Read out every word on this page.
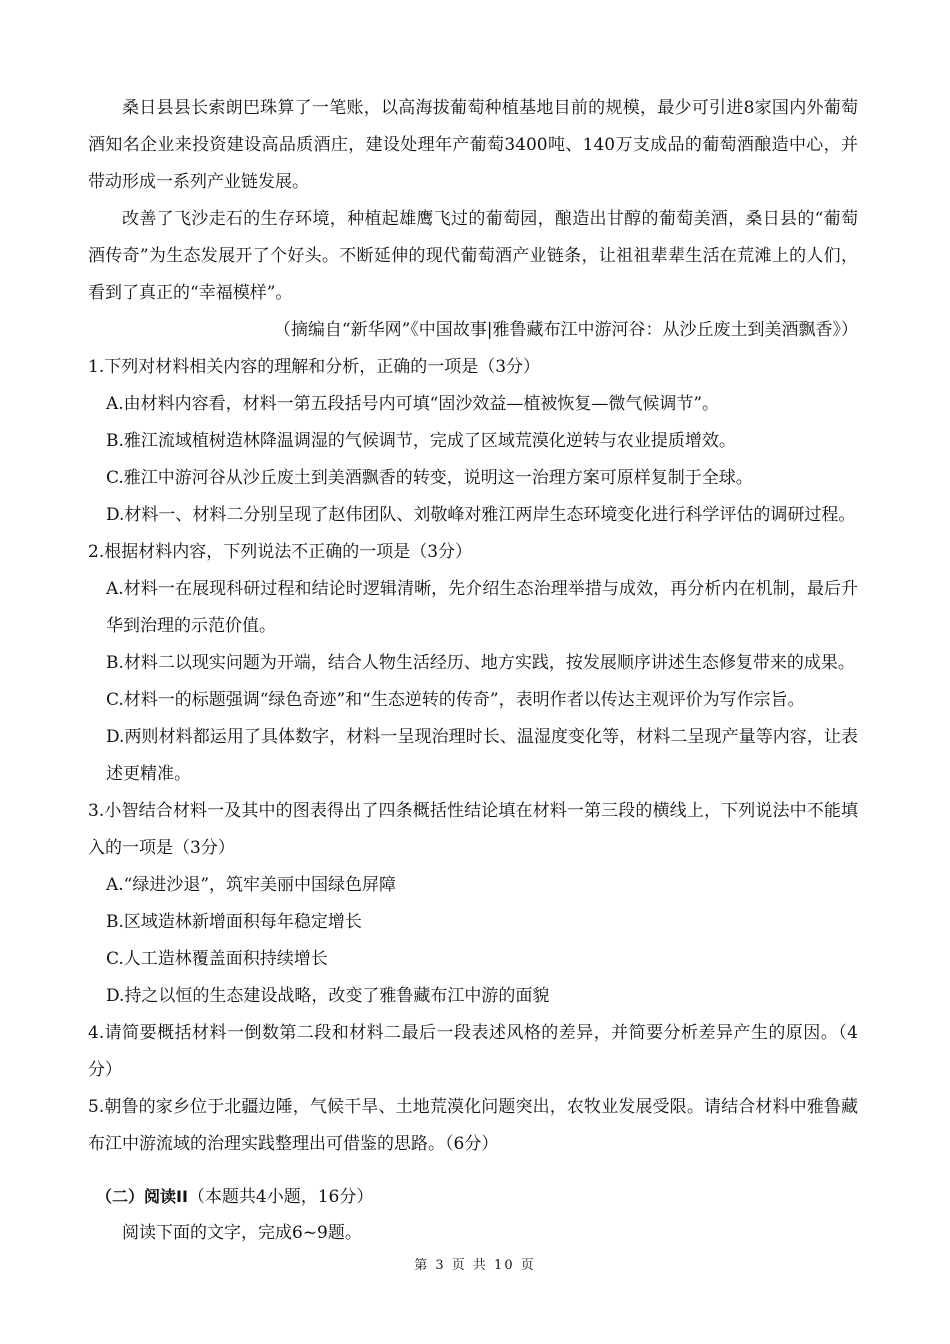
桑日县县长索朗巴珠算了一笔账，以高海拔葡萄种植基地目前的规模，最少可引进8家国内外葡萄酒知名企业来投资建设高品质酒庄，建设处理年产葡萄3400吨、140万支成品的葡萄酒酿造中心，并带动形成一系列产业链发展。

改善了飞沙走石的生存环境，种植起雄鹰飞过的葡萄园，酿造出甘醇的葡萄美酒，桑日县的“葡萄酒传奇”为生态发展开了个好头。不断延伸的现代葡萄酒产业链条，让祖祖辈辈生活在荒滩上的人们，看到了真正的“幸福模样”。

（摘编自“新华网”《中国故事|雅鲁藏布江中游河谷：从沙丘废土到美酒飘香》）

1.下列对材料相关内容的理解和分析，正确的一项是（3分）

A.由材料内容看，材料一第五段括号内可填“固沙效益—植被恢复—微气候调节”。

B.雅江流域植树造林降温调湿的气候调节，完成了区域荒漠化逆转与农业提质增效。

C.雅江中游河谷从沙丘废土到美酒飘香的转变，说明这一治理方案可原样复制于全球。

D.材料一、材料二分别呈现了赵伟团队、刘敬峰对雅江两岸生态环境变化进行科学评估的调研过程。

2.根据材料内容，下列说法不正确的一项是（3分）

A.材料一在展现科研过程和结论时逻辑清晰，先介绍生态治理举措与成效，再分析内在机制，最后升华到治理的示范价值。

B.材料二以现实问题为开端，结合人物生活经历、地方实践，按发展顺序讲述生态修复带来的成果。

C.材料一的标题强调“绿色奇迹”和“生态逆转的传奇”，表明作者以传达主观评价为写作宗旨。

D.两则材料都运用了具体数字，材料一呈现治理时长、温湿度变化等，材料二呈现产量等内容，让表述更精准。

3.小智结合材料一及其中的图表得出了四条概括性结论填在材料一第三段的横线上，下列说法中不能填入的一项是（3分）

A.“绿进沙退”，筑牢美丽中国绿色屏障

B.区域造林新增面积每年稳定增长

C.人工造林覆盖面积持续增长

D.持之以恒的生态建设战略，改变了雅鲁藏布江中游的面貌

4.请简要概括材料一倒数第二段和材料二最后一段表述风格的差异，并简要分析差异产生的原因。（4分）

5.朝鲁的家乡位于北疆边陲，气候干旱、土地荒漠化问题突出，农牧业发展受限。请结合材料中雅鲁藏布江中游流域的治理实践整理出可借鉴的思路。（6分）

（二）阅读II（本题共4小题，16分）

阅读下面的文字，完成6~9题。

第 3 页 共 10 页
